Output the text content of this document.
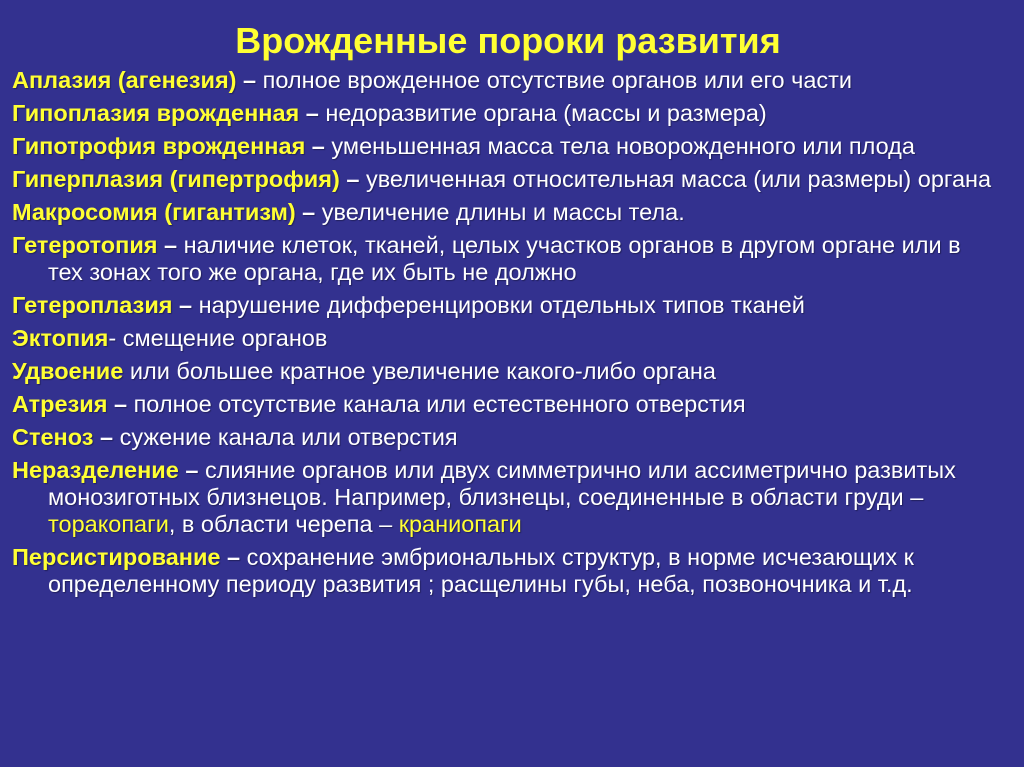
Врожденные пороки развития
Аплазия (агенезия) – полное врожденное отсутствие органов или его части
Гипоплазия врожденная – недоразвитие органа (массы и размера)
Гипотрофия врожденная – уменьшенная масса тела новорожденного или плода
Гиперплазия (гипертрофия) – увеличенная относительная масса (или размеры) органа
Макросомия (гигантизм) – увеличение длины и массы тела.
Гетеротопия – наличие клеток, тканей, целых участков органов в другом органе или в тех зонах того же органа, где их быть не должно
Гетероплазия – нарушение дифференцировки отдельных типов тканей
Эктопия- смещение органов
Удвоение или большее кратное увеличение какого-либо органа
Атрезия – полное отсутствие канала или естественного отверстия
Стеноз – сужение канала или отверстия
Неразделение – слияние органов или двух симметрично или ассиметрично развитых монозиготных близнецов. Например, близнецы, соединенные в области груди – торакопаги, в области черепа – краниопаги
Персистирование – сохранение эмбриональных структур, в норме исчезающих к определенному периоду развития ; расщелины губы, неба, позвоночника и т.д.
